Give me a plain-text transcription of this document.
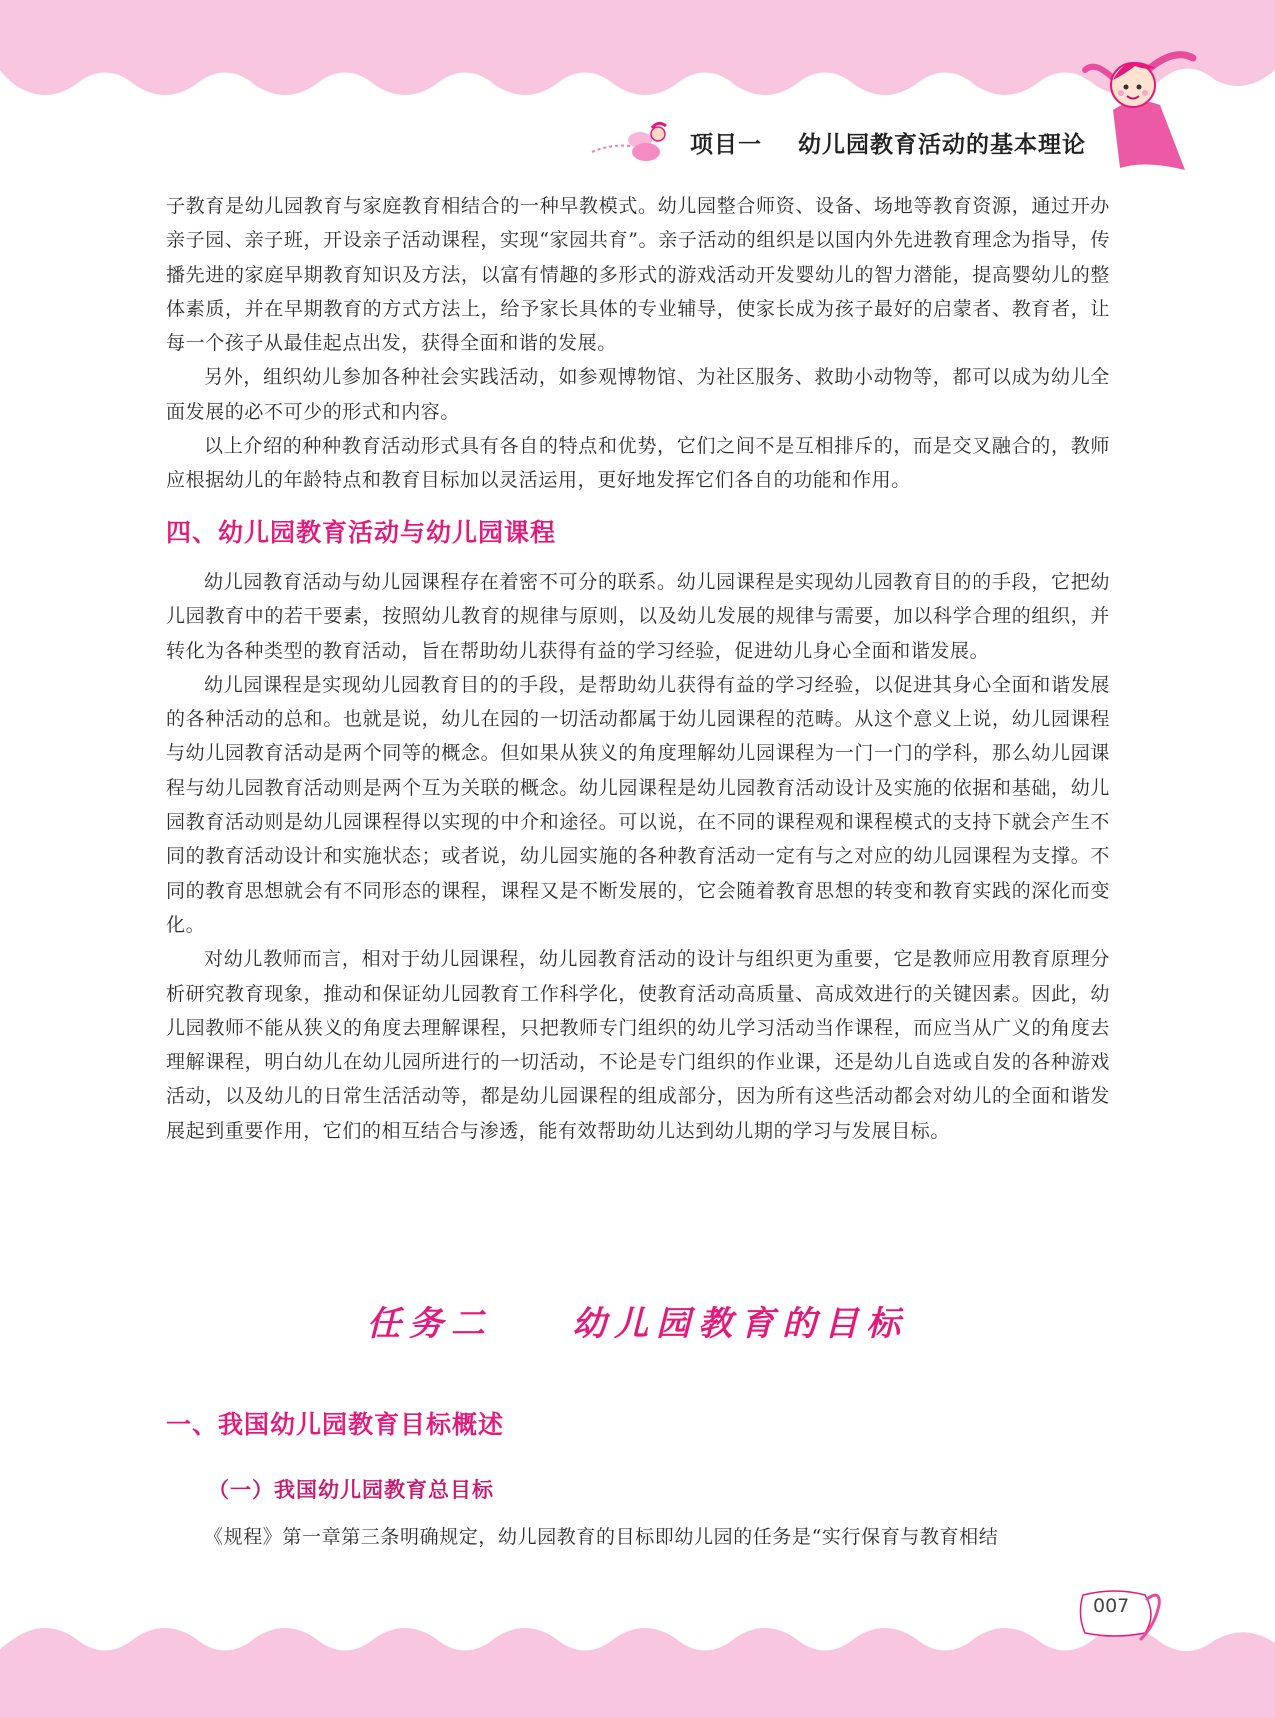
项目一 幼儿园教育活动的基本理论

子教育是幼儿园教育与家庭教育相结合的一种早教模式。幼儿园整合师资、设备、场地等教育资源，通过开办亲子园、亲子班，开设亲子活动课程，实现“家园共育”。亲子活动的组织是以国内外先进教育理念为指导，传播先进的家庭早期教育知识及方法，以富有情趣的多形式的游戏活动开发婴幼儿的智力潜能，提高婴幼儿的整体素质，并在早期教育的方式方法上，给予家长具体的专业辅导，使家长成为孩子最好的启蒙者、教育者，让每一个孩子从最佳起点出发，获得全面和谐的发展。

另外，组织幼儿参加各种社会实践活动，如参观博物馆、为社区服务、救助小动物等，都可以成为幼儿全面发展的必不可少的形式和内容。

以上介绍的种种教育活动形式具有各自的特点和优势，它们之间不是互相排斥的，而是交叉融合的，教师应根据幼儿的年龄特点和教育目标加以灵活运用，更好地发挥它们各自的功能和作用。

四、幼儿园教育活动与幼儿园课程

幼儿园教育活动与幼儿园课程存在着密不可分的联系。幼儿园课程是实现幼儿园教育目的的手段，它把幼儿园教育中的若干要素，按照幼儿教育的规律与原则，以及幼儿发展的规律与需要，加以科学合理的组织，并转化为各种类型的教育活动，旨在帮助幼儿获得有益的学习经验，促进幼儿身心全面和谐发展。

幼儿园课程是实现幼儿园教育目的的手段，是帮助幼儿获得有益的学习经验，以促进其身心全面和谐发展的各种活动的总和。也就是说，幼儿在园的一切活动都属于幼儿园课程的范畴。从这个意义上说，幼儿园课程与幼儿园教育活动是两个同等的概念。但如果从狭义的角度理解幼儿园课程为一门一门的学科，那么幼儿园课程与幼儿园教育活动则是两个互为关联的概念。幼儿园课程是幼儿园教育活动设计及实施的依据和基础，幼儿园教育活动则是幼儿园课程得以实现的中介和途径。可以说，在不同的课程观和课程模式的支持下就会产生不同的教育活动设计和实施状态；或者说，幼儿园实施的各种教育活动一定有与之对应的幼儿园课程为支撑。不同的教育思想就会有不同形态的课程，课程又是不断发展的，它会随着教育思想的转变和教育实践的深化而变化。

对幼儿教师而言，相对于幼儿园课程，幼儿园教育活动的设计与组织更为重要，它是教师应用教育原理分析研究教育现象，推动和保证幼儿园教育工作科学化，使教育活动高质量、高成效进行的关键因素。因此，幼儿园教师不能从狭义的角度去理解课程，只把教师专门组织的幼儿学习活动当作课程，而应当从广义的角度去理解课程，明白幼儿在幼儿园所进行的一切活动，不论是专门组织的作业课，还是幼儿自选或自发的各种游戏活动，以及幼儿的日常生活活动等，都是幼儿园课程的组成部分，因为所有这些活动都会对幼儿的全面和谐发展起到重要作用，它们的相互结合与渗透，能有效帮助幼儿达到幼儿期的学习与发展目标。

任务二 幼儿园教育的目标
一、我国幼儿园教育目标概述
（一）我国幼儿园教育总目标

《规程》第一章第三条明确规定，幼儿园教育的目标即幼儿园的任务是“实行保育与教育相结

007
